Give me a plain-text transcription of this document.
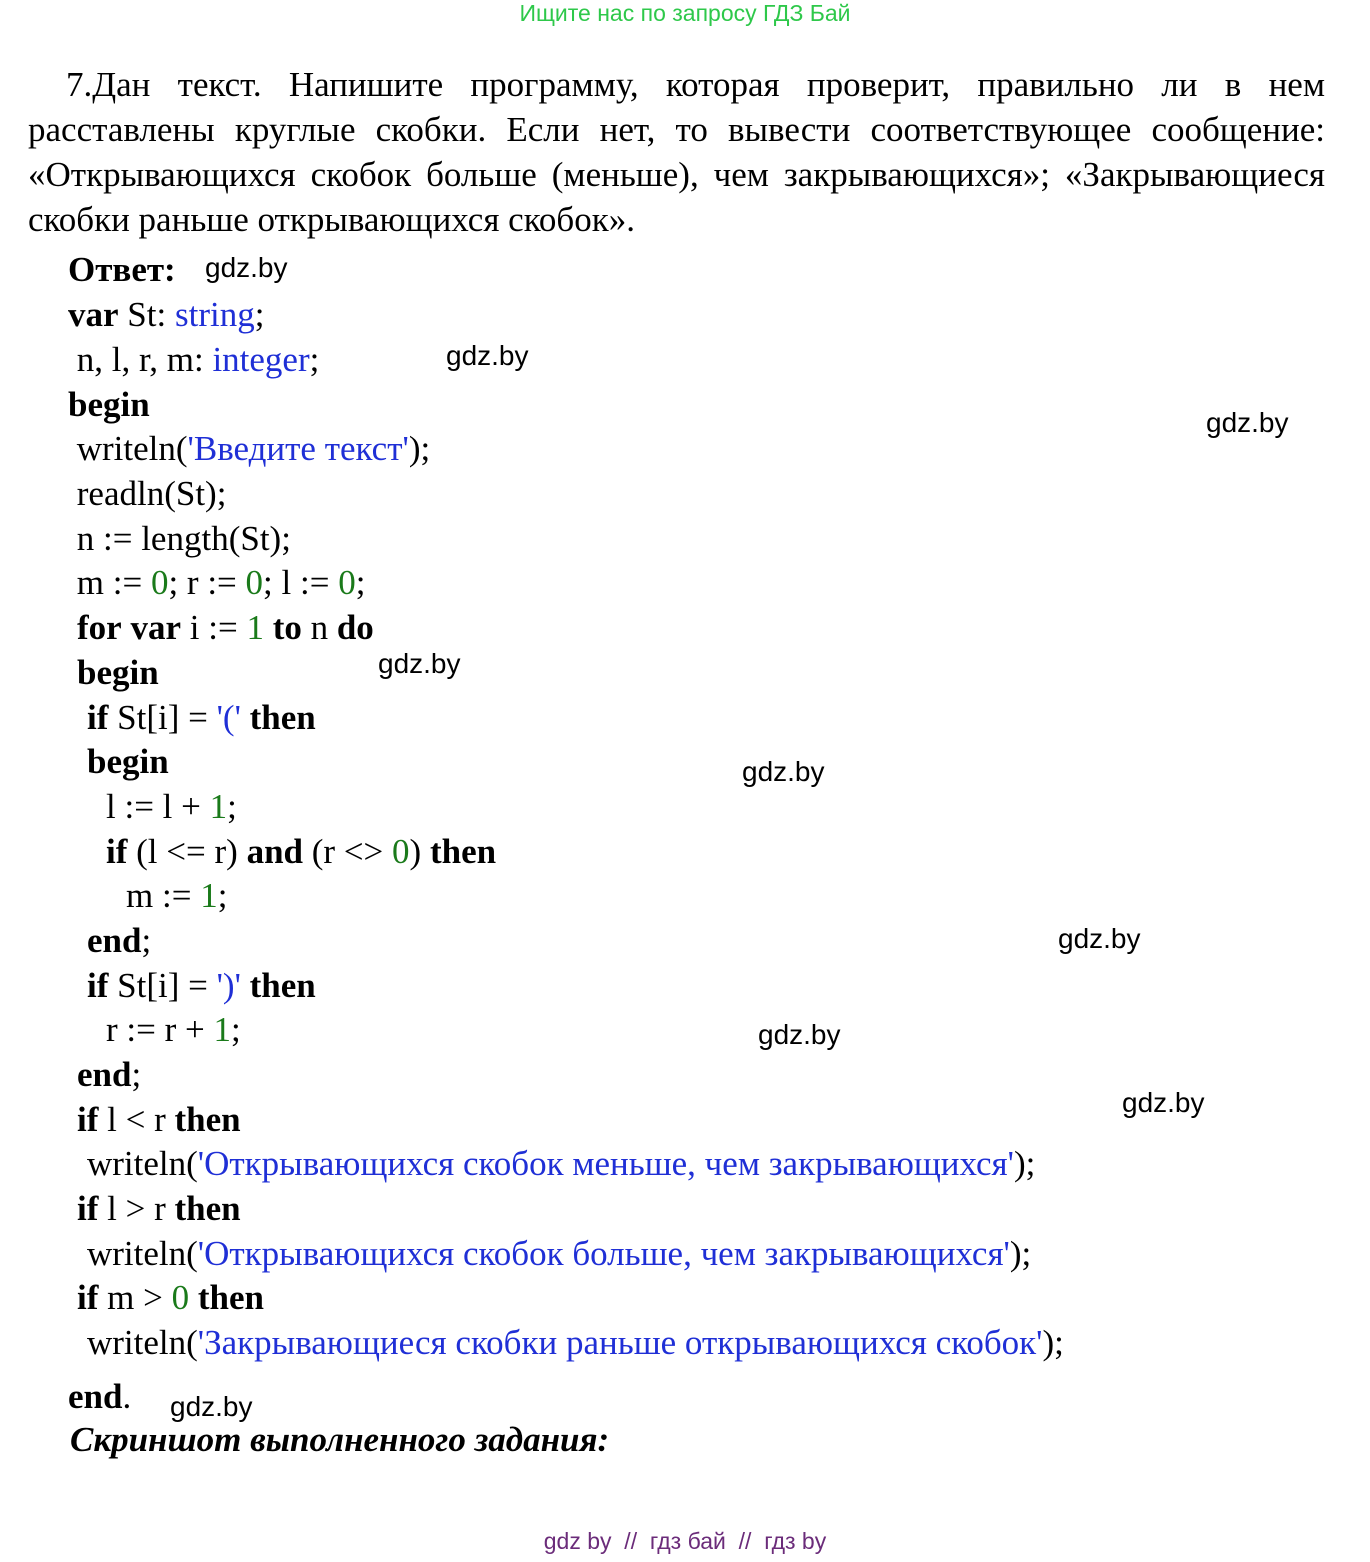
Ищите нас по запросу ГДЗ Бай
7.Дан текст. Напишите программу, которая проверит, правильно ли в нем расставлены круглые скобки. Если нет, то вывести соответствующее сообщение: «Открывающихся скобок больше (меньше), чем закрывающихся»; «Закрывающиеся скобки раньше открывающихся скобок».
Ответ:
var St: string;
n, l, r, m: integer;
begin
writeln('Введите текст');
readln(St);
n := length(St);
m := 0; r := 0; l := 0;
for var i := 1 to n do
begin
if St[i] = '(' then
begin
l := l + 1;
if (l <= r) and (r <> 0) then
m := 1;
end;
if St[i] = ')' then
r := r + 1;
end;
if l < r then
writeln('Открывающихся скобок меньше, чем закрывающихся');
if l > r then
writeln('Открывающихся скобок больше, чем закрывающихся');
if m > 0 then
writeln('Закрывающиеся скобки раньше открывающихся скобок');
end.
gdz.by
gdz.by
gdz.by
gdz.by
gdz.by
gdz.by
gdz.by
gdz.by
gdz.by
Скриншот выполненного задания:
gdz by  //  гдз бай  //  гдз by
